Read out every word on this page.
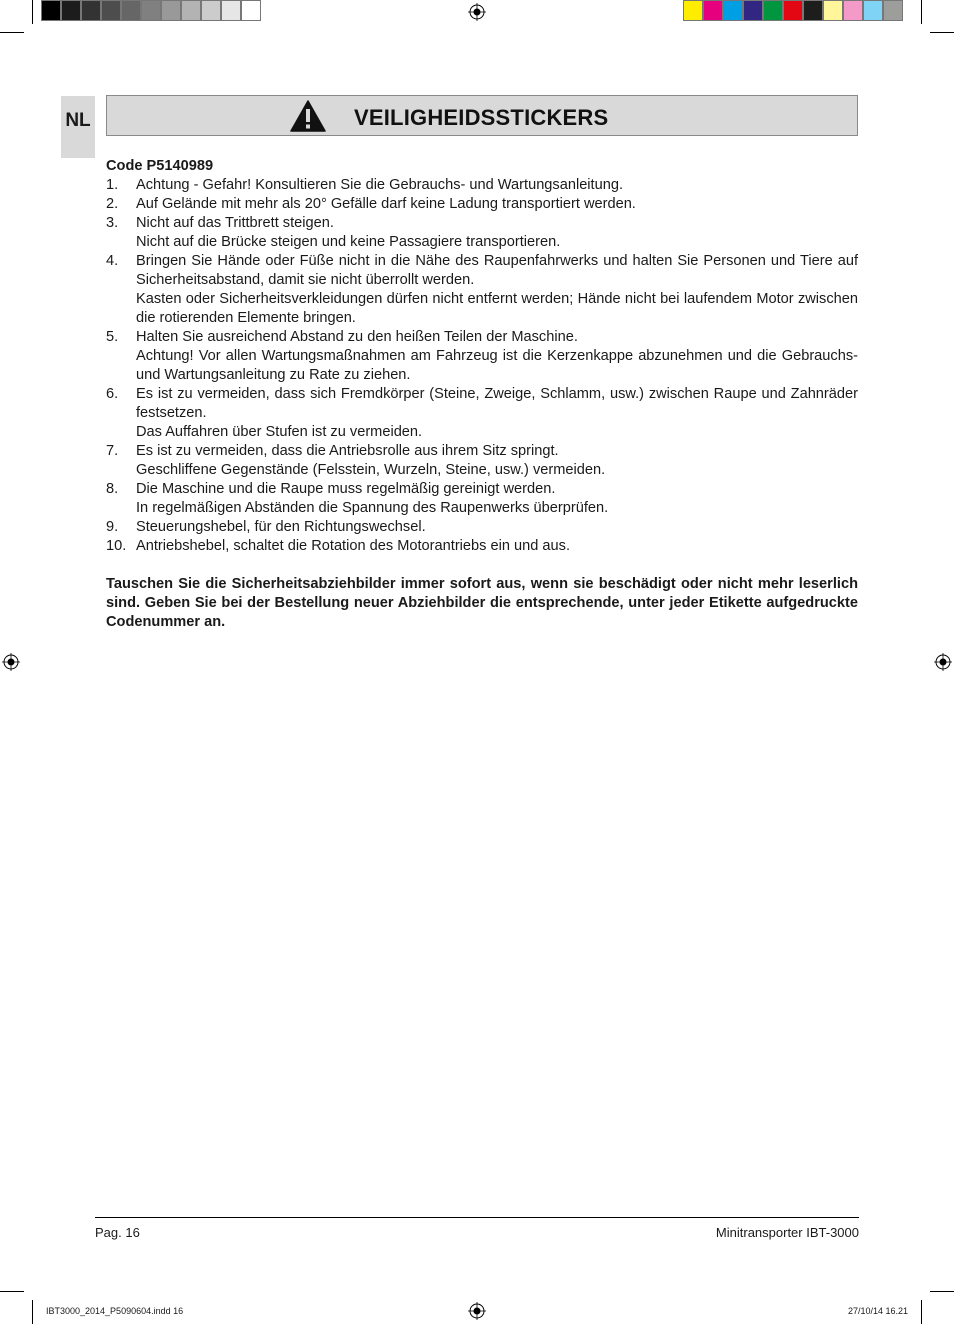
NL	VEILIGHEIDSSTICKERS
Code P5140989
1. Achtung - Gefahr! Konsultieren Sie die Gebrauchs- und Wartungsanleitung.
2. Auf Gelände mit mehr als 20° Gefälle darf keine Ladung transportiert werden.
3. Nicht auf das Trittbrett steigen.
Nicht auf die Brücke steigen und keine Passagiere transportieren.
4. Bringen Sie Hände oder Füße nicht in die Nähe des Raupenfahrwerks und halten Sie Personen und Tiere auf Sicherheitsabstand, damit sie nicht überrollt werden.
Kasten oder Sicherheitsverkleidungen dürfen nicht entfernt werden; Hände nicht bei laufendem Motor zwischen die rotierenden Elemente bringen.
5. Halten Sie ausreichend Abstand zu den heißen Teilen der Maschine.
Achtung! Vor allen Wartungsmaßnahmen am Fahrzeug ist die Kerzenkappe abzunehmen und die Gebrauchs- und Wartungsanleitung zu Rate zu ziehen.
6. Es ist zu vermeiden, dass sich Fremdkörper (Steine, Zweige, Schlamm, usw.) zwischen Raupe und Zahnräder festsetzen.
Das Auffahren über Stufen ist zu vermeiden.
7. Es ist zu vermeiden, dass die Antriebsrolle aus ihrem Sitz springt.
Geschliffene Gegenstände (Felsstein, Wurzeln, Steine, usw.) vermeiden.
8. Die Maschine und die Raupe muss regelmäßig gereinigt werden.
In regelmäßigen Abständen die Spannung des Raupenwerks überprüfen.
9. Steuerungshebel, für den Richtungswechsel.
10. Antriebshebel, schaltet die Rotation des Motorantriebs ein und aus.
Tauschen Sie die Sicherheitsabziehbilder immer sofort aus, wenn sie beschädigt oder nicht mehr leserlich sind. Geben Sie bei der Bestellung neuer Abziehbilder die entsprechende, unter jeder Etikette aufgedruckte Codenummer an.
Pag. 16	Minitransporter IBT-3000
IBT3000_2014_P5090604.indd 16	27/10/14 16.21
